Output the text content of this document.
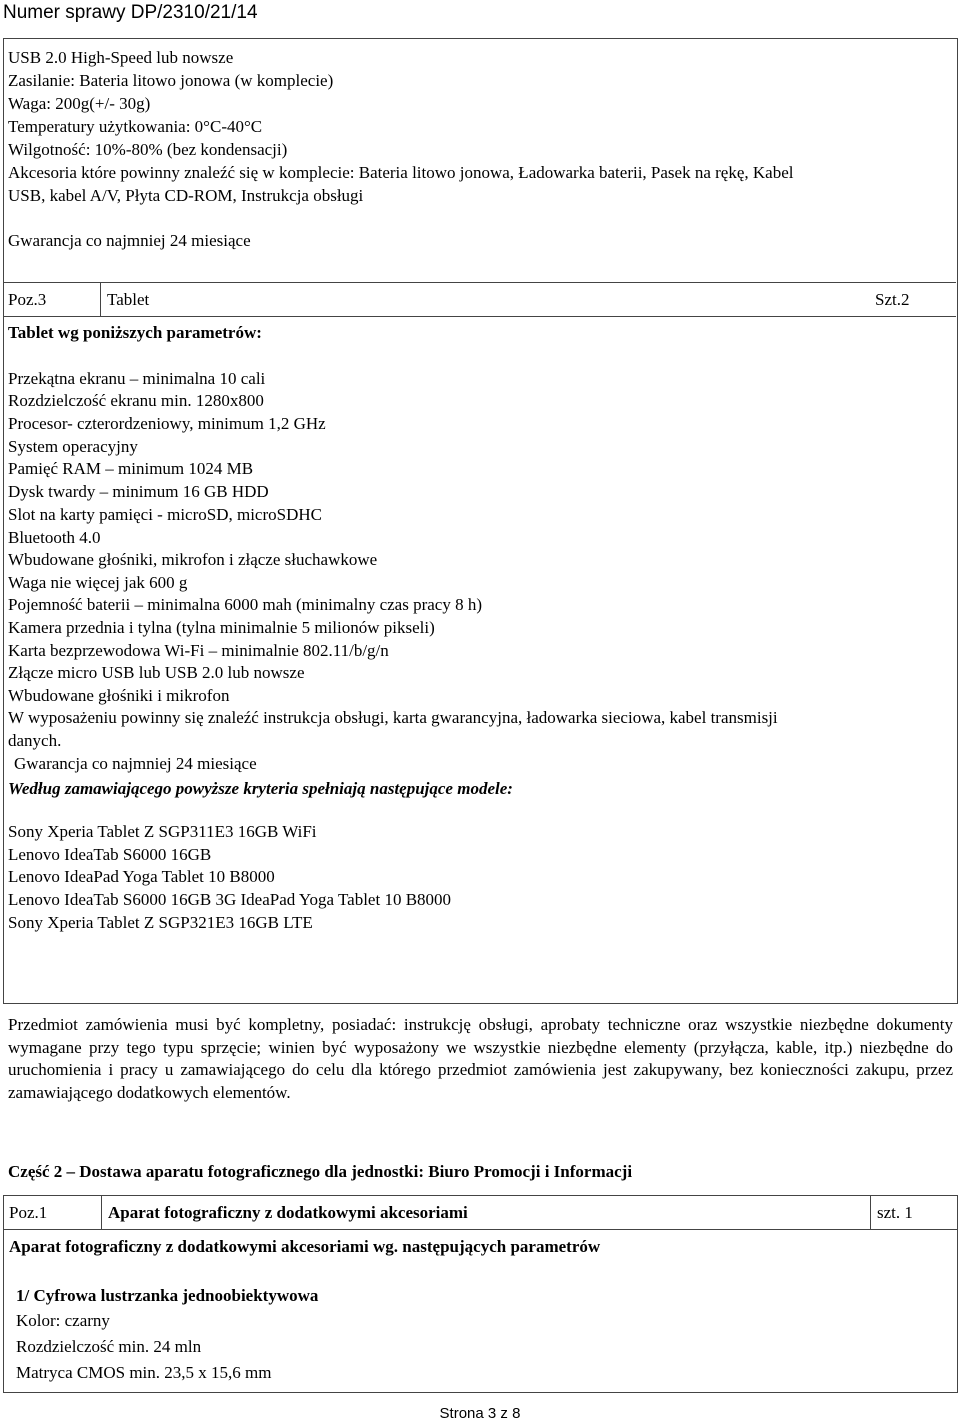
Numer sprawy DP/2310/21/14
USB 2.0 High-Speed lub nowsze
Zasilanie: Bateria litowo jonowa (w komplecie)
Waga: 200g(+/- 30g)
Temperatury użytkowania: 0°C-40°C
Wilgotność: 10%-80% (bez kondensacji)
Akcesoria które powinny znaleźć się w komplecie: Bateria litowo jonowa, Ładowarka baterii, Pasek na rękę, Kabel
USB, kabel A/V, Płyta CD-ROM, Instrukcja obsługi
Gwarancja co najmniej 24 miesiące
Poz.3	Tablet	Szt.2
Tablet wg poniższych parametrów:
Przekątna ekranu – minimalna 10 cali
Rozdzielczość ekranu min. 1280x800
Procesor- czterordzeniowy, minimum 1,2 GHz
System operacyjny
Pamięć RAM – minimum 1024 MB
Dysk twardy – minimum 16 GB HDD
Slot na karty pamięci - microSD, microSDHC
Bluetooth 4.0
Wbudowane głośniki, mikrofon i złącze słuchawkowe
Waga nie więcej jak 600 g
Pojemność baterii – minimalna 6000 mah (minimalny czas pracy 8 h)
Kamera przednia i tylna (tylna minimalnie 5 milionów pikseli)
Karta bezprzewodowa Wi-Fi – minimalnie 802.11/b/g/n
Złącze micro USB lub USB 2.0 lub nowsze
Wbudowane głośniki i mikrofon
W wyposażeniu powinny się znaleźć instrukcja obsługi, karta gwarancyjna, ładowarka sieciowa, kabel transmisji
danych.
Gwarancja co najmniej 24 miesiące
Według zamawiającego powyższe kryteria spełniają następujące modele:
Sony Xperia Tablet Z SGP311E3 16GB WiFi
Lenovo IdeaTab S6000 16GB
Lenovo IdeaPad Yoga Tablet 10 B8000
Lenovo IdeaTab S6000 16GB 3G IdeaPad Yoga Tablet 10 B8000
Sony Xperia Tablet Z SGP321E3 16GB LTE
Przedmiot zamówienia musi być kompletny, posiadać: instrukcję obsługi, aprobaty techniczne oraz wszystkie niezbędne dokumenty wymagane przy tego typu sprzęcie; winien być wyposażony we wszystkie niezbędne elementy (przyłącza, kable, itp.) niezbędne do uruchomienia i pracy u zamawiającego do celu dla którego przedmiot zamówienia jest zakupywany, bez konieczności zakupu, przez zamawiającego dodatkowych elementów.
Część 2 – Dostawa aparatu fotograficznego dla jednostki: Biuro Promocji i Informacji
Poz.1	Aparat fotograficzny z dodatkowymi akcesoriami	szt. 1
Aparat fotograficzny z dodatkowymi akcesoriami wg. następujących parametrów
1/ Cyfrowa lustrzanka jednoobiektywowa
Kolor: czarny
Rozdzielczość min. 24 mln
Matryca CMOS min. 23,5 x 15,6 mm
Strona 3 z 8
